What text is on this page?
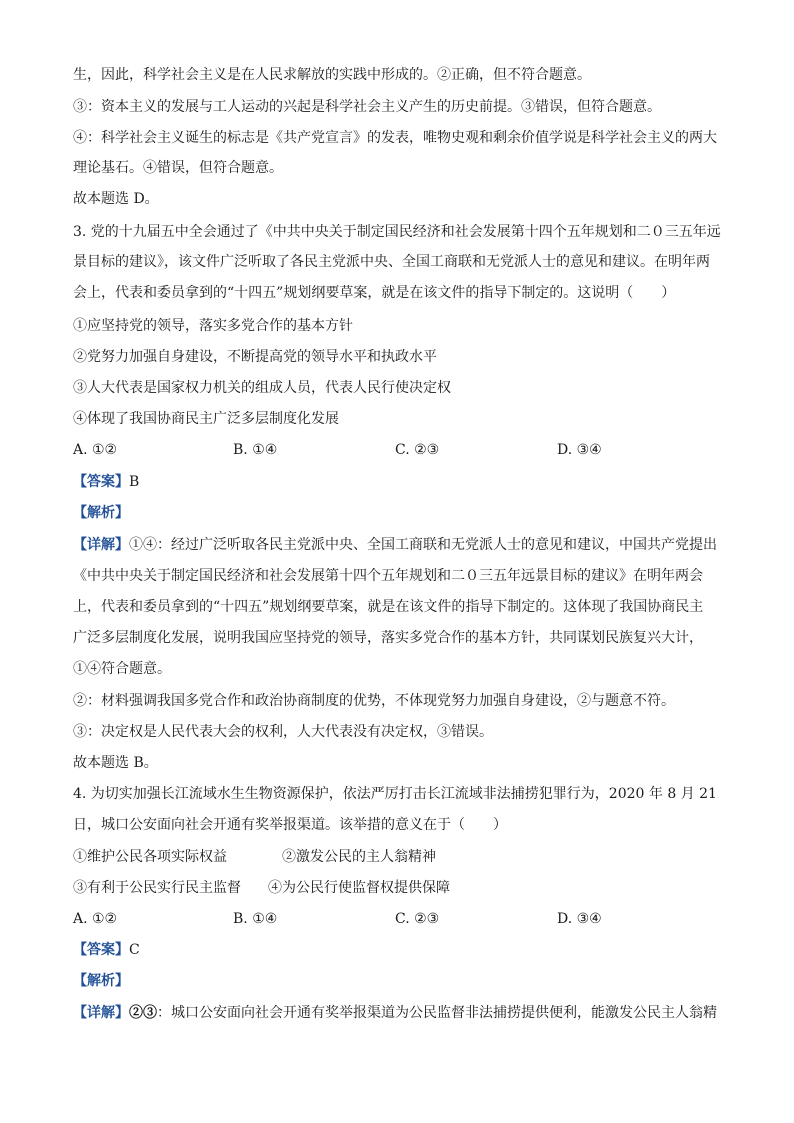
生，因此，科学社会主义是在人民求解放的实践中形成的。②正确，但不符合题意。
③：资本主义的发展与工人运动的兴起是科学社会主义产生的历史前提。③错误，但符合题意。
④：科学社会主义诞生的标志是《共产党宣言》的发表，唯物史观和剩余价值学说是科学社会主义的两大
理论基石。④错误，但符合题意。
故本题选 D。
3. 党的十九届五中全会通过了《中共中央关于制定国民经济和社会发展第十四个五年规划和二０三五年远
景目标的建议》，该文件广泛听取了各民主党派中央、全国工商联和无党派人士的意见和建议。在明年两
会上，代表和委员拿到的“十四五”规划纲要草案，就是在该文件的指导下制定的。这说明（　　）
①应坚持党的领导，落实多党合作的基本方针
②党努力加强自身建设，不断提高党的领导水平和执政水平
③人大代表是国家权力机关的组成人员，代表人民行使决定权
④体现了我国协商民主广泛多层制度化发展
A. ①②	B. ①④	C. ②③	D. ③④
【答案】B
【解析】
【详解】①④：经过广泛听取各民主党派中央、全国工商联和无党派人士的意见和建议，中国共产党提出
《中共中央关于制定国民经济和社会发展第十四个五年规划和二０三五年远景目标的建议》在明年两会
上，代表和委员拿到的“十四五”规划纲要草案，就是在该文件的指导下制定的。这体现了我国协商民主
广泛多层制度化发展，说明我国应坚持党的领导，落实多党合作的基本方针，共同谋划民族复兴大计，
①④符合题意。
②：材料强调我国多党合作和政治协商制度的优势，不体现党努力加强自身建设，②与题意不符。
③：决定权是人民代表大会的权利，人大代表没有决定权，③错误。
故本题选 B。
4. 为切实加强长江流域水生生物资源保护，依法严厉打击长江流域非法捕捞犯罪行为，2020 年 8 月 21
日，城口公安面向社会开通有奖举报渠道。该举措的意义在于（　　）
①维护公民各项实际权益	②激发公民的主人翁精神
③有利于公民实行民主监督 ④为公民行使监督权提供保障
A. ①②	B. ①④	C. ②③	D. ③④
【答案】C
【解析】
【详解】②③：城口公安面向社会开通有奖举报渠道为公民监督非法捕捞提供便利，能激发公民主人翁精
